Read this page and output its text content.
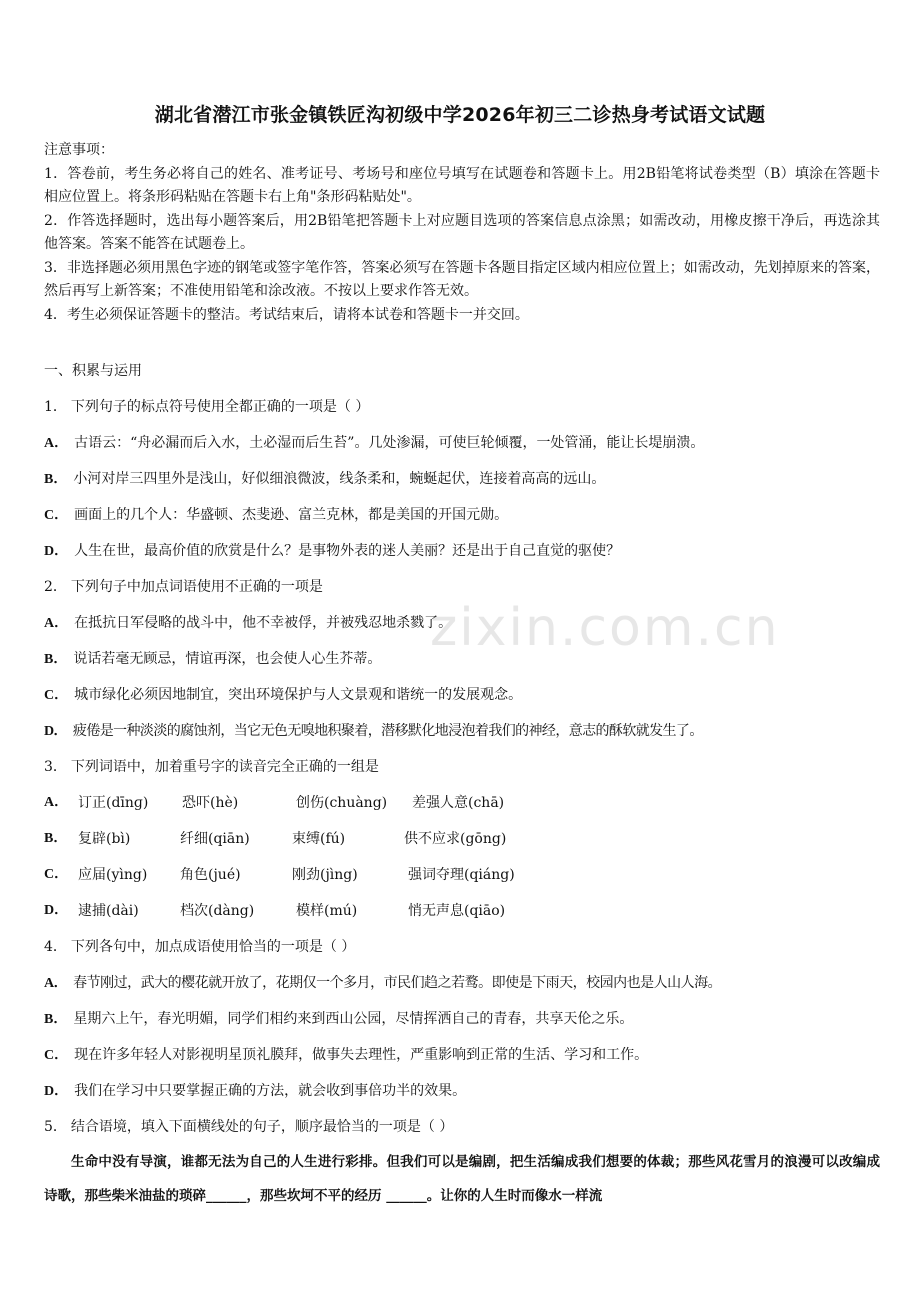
湖北省潜江市张金镇铁匠沟初级中学2026年初三二诊热身考试语文试题

注意事项：

1．答卷前，考生务必将自己的姓名、准考证号、考场号和座位号填写在试题卷和答题卡上。用2B铅笔将试卷类型（B）填涂在答题卡相应位置上。将条形码粘贴在答题卡右上角"条形码粘贴处"。

2．作答选择题时，选出每小题答案后，用2B铅笔把答题卡上对应题目选项的答案信息点涂黑；如需改动，用橡皮擦干净后，再选涂其他答案。答案不能答在试题卷上。

3．非选择题必须用黑色字迹的钢笔或签字笔作答，答案必须写在答题卡各题目指定区域内相应位置上；如需改动，先划掉原来的答案，然后再写上新答案；不准使用铅笔和涂改液。不按以上要求作答无效。

4．考生必须保证答题卡的整洁。考试结束后，请将本试卷和答题卡一并交回。

一、积累与运用
1． 下列句子的标点符号使用全都正确的一项是（ ）
A． 古语云：“舟必漏而后入水，土必湿而后生苔”。几处渗漏，可使巨轮倾覆，一处管涌，能让长堤崩溃。
B． 小河对岸三四里外是浅山，好似细浪微波，线条柔和，蜿蜒起伏，连接着高高的远山。
C． 画面上的几个人：华盛顿、杰斐逊、富兰克林，都是美国的开国元勋。
D． 人生在世，最高价值的欣赏是什么？是事物外表的迷人美丽？还是出于自己直觉的驱使？
2． 下列句子中加点词语使用不正确的一项是
A． 在抵抗日军侵略的战斗中，他不幸被俘，并被残忍地杀戮了。
B． 说话若毫无顾忌，情谊再深，也会使人心生芥蒂。
C． 城市绿化必须因地制宜，突出环境保护与人文景观和谐统一的发展观念。
D． 疲倦是一种淡淡的腐蚀剂，当它无色无嗅地积聚着，潜移默化地浸泡着我们的神经，意志的酥软就发生了。
3． 下列词语中，加着重号字的读音完全正确的一组是
A． 订正(dīnɡ)	恐吓(hè)	创伤(chuàng)	差强人意(chā)
B． 复辟(bì)	纤细(qiān)	束缚(fú)	供不应求(gōng)
C． 应届(yìng)	角色(jué)	刚劲(jìng)	强词夺理(qiáng)
D． 逮捕(dài)	档次(dàng)	模样(mú)	悄无声息(qiāo)
4． 下列各句中，加点成语使用恰当的一项是（ ）
A． 春节刚过，武大的樱花就开放了，花期仅一个多月，市民们趋之若鹜。即使是下雨天，校园内也是人山人海。
B． 星期六上午，春光明媚，同学们相约来到西山公园，尽情挥洒自己的青春，共享天伦之乐。
C． 现在许多年轻人对影视明星顶礼膜拜，做事失去理性，严重影响到正常的生活、学习和工作。
D． 我们在学习中只要掌握正确的方法，就会收到事倍功半的效果。
5． 结合语境，填入下面横线处的句子，顺序最恰当的一项是（ ）

生命中没有导演，谁都无法为自己的人生进行彩排。但我们可以是编剧，把生活编成我们想要的体裁；那些风花雪月的浪漫可以改编成诗歌，那些柴米油盐的琐碎______，那些坎坷不平的经历 ______。让你的人生时而像水一样流

zixin.com.cn
